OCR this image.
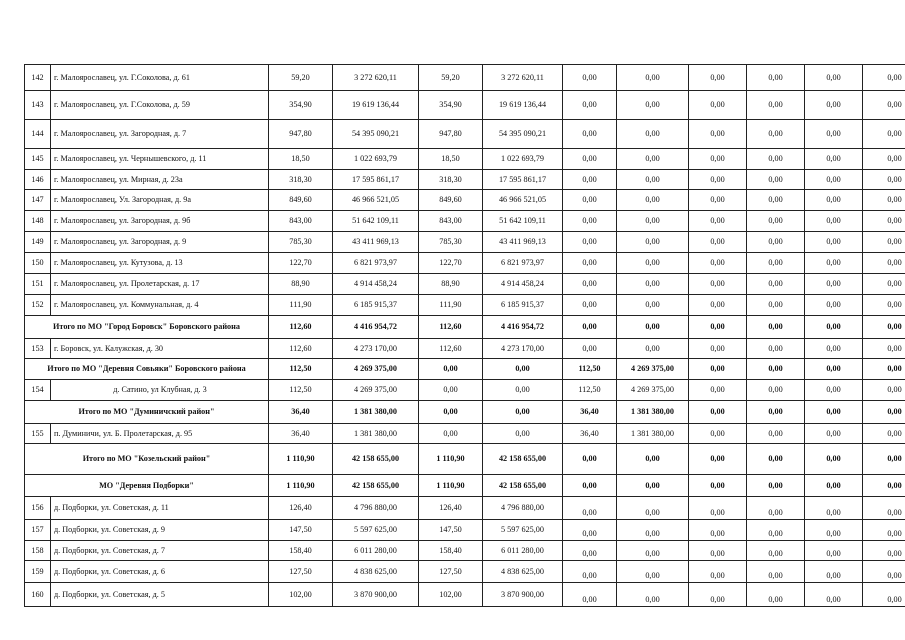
142	г. Малоярославец, ул. Г.Соколова, д. 61	59,20	3 272 620,11	59,20	3 272 620,11	0,00	0,00	0,00	0,00	0,00	0,00
143	г. Малоярославец, ул. Г.Соколова, д. 59	354,90	19 619 136,44	354,90	19 619 136,44	0,00	0,00	0,00	0,00	0,00	0,00
144	г. Малоярославец, ул. Загородная, д. 7	947,80	54 395 090,21	947,80	54 395 090,21	0,00	0,00	0,00	0,00	0,00	0,00
145	г. Малоярославец, ул. Чернышевского, д. 11	18,50	1 022 693,79	18,50	1 022 693,79	0,00	0,00	0,00	0,00	0,00	0,00
146	г. Малоярославец, ул. Мирная, д. 23а	318,30	17 595 861,17	318,30	17 595 861,17	0,00	0,00	0,00	0,00	0,00	0,00
147	г. Малоярославец, Ул. Загородная, д. 9а	849,60	46 966 521,05	849,60	46 966 521,05	0,00	0,00	0,00	0,00	0,00	0,00
148	г. Малоярославец, ул. Загородная, д. 9б	843,00	51 642 109,11	843,00	51 642 109,11	0,00	0,00	0,00	0,00	0,00	0,00
149	г. Малоярославец, ул. Загородная, д. 9	785,30	43 411 969,13	785,30	43 411 969,13	0,00	0,00	0,00	0,00	0,00	0,00
150	г. Малоярославец, ул. Кутузова, д. 13	122,70	6 821 973,97	122,70	6 821 973,97	0,00	0,00	0,00	0,00	0,00	0,00
151	г. Малоярославец, ул. Пролетарская, д. 17	88,90	4 914 458,24	88,90	4 914 458,24	0,00	0,00	0,00	0,00	0,00	0,00
152	г. Малоярославец, ул. Коммунальная, д. 4	111,90	6 185 915,37	111,90	6 185 915,37	0,00	0,00	0,00	0,00	0,00	0,00
Итого по МО "Город Боровск" Боровского района		112,60	4 416 954,72	112,60	4 416 954,72	0,00	0,00	0,00	0,00	0,00	0,00
153	г. Боровск, ул. Калужская, д. 30	112,60	4 273 170,00	112,60	4 273 170,00	0,00	0,00	0,00	0,00	0,00	0,00
Итого по МО "Деревня Совьяки" Боровского района		112,50	4 269 375,00	0,00	0,00	112,50	4 269 375,00	0,00	0,00	0,00	0,00
154	д. Сатино, ул Клубная, д. 3	112,50	4 269 375,00	0,00	0,00	112,50	4 269 375,00	0,00	0,00	0,00	0,00
Итого по МО "Думиничский район"		36,40	1 381 380,00	0,00	0,00	36,40	1 381 380,00	0,00	0,00	0,00	0,00
155	п. Думиничи, ул. Б. Пролетарская, д. 95	36,40	1 381 380,00	0,00	0,00	36,40	1 381 380,00	0,00	0,00	0,00	0,00
Итого по МО "Козельский район"		1 110,90	42 158 655,00	1 110,90	42 158 655,00	0,00	0,00	0,00	0,00	0,00	0,00
МО "Деревня Подборки"		1 110,90	42 158 655,00	1 110,90	42 158 655,00	0,00	0,00	0,00	0,00	0,00	0,00
156	д. Подборки, ул. Советская, д. 11	126,40	4 796 880,00	126,40	4 796 880,00	0,00	0,00	0,00	0,00	0,00	0,00
157	д. Подборки, ул. Советская, д. 9	147,50	5 597 625,00	147,50	5 597 625,00	0,00	0,00	0,00	0,00	0,00	0,00
158	д. Подборки, ул. Советская, д. 7	158,40	6 011 280,00	158,40	6 011 280,00	0,00	0,00	0,00	0,00	0,00	0,00
159	д. Подборки, ул. Советская, д. 6	127,50	4 838 625,00	127,50	4 838 625,00	0,00	0,00	0,00	0,00	0,00	0,00
160	д. Подборки, ул. Советская, д. 5	102,00	3 870 900,00	102,00	3 870 900,00	0,00	0,00	0,00	0,00	0,00	0,00
